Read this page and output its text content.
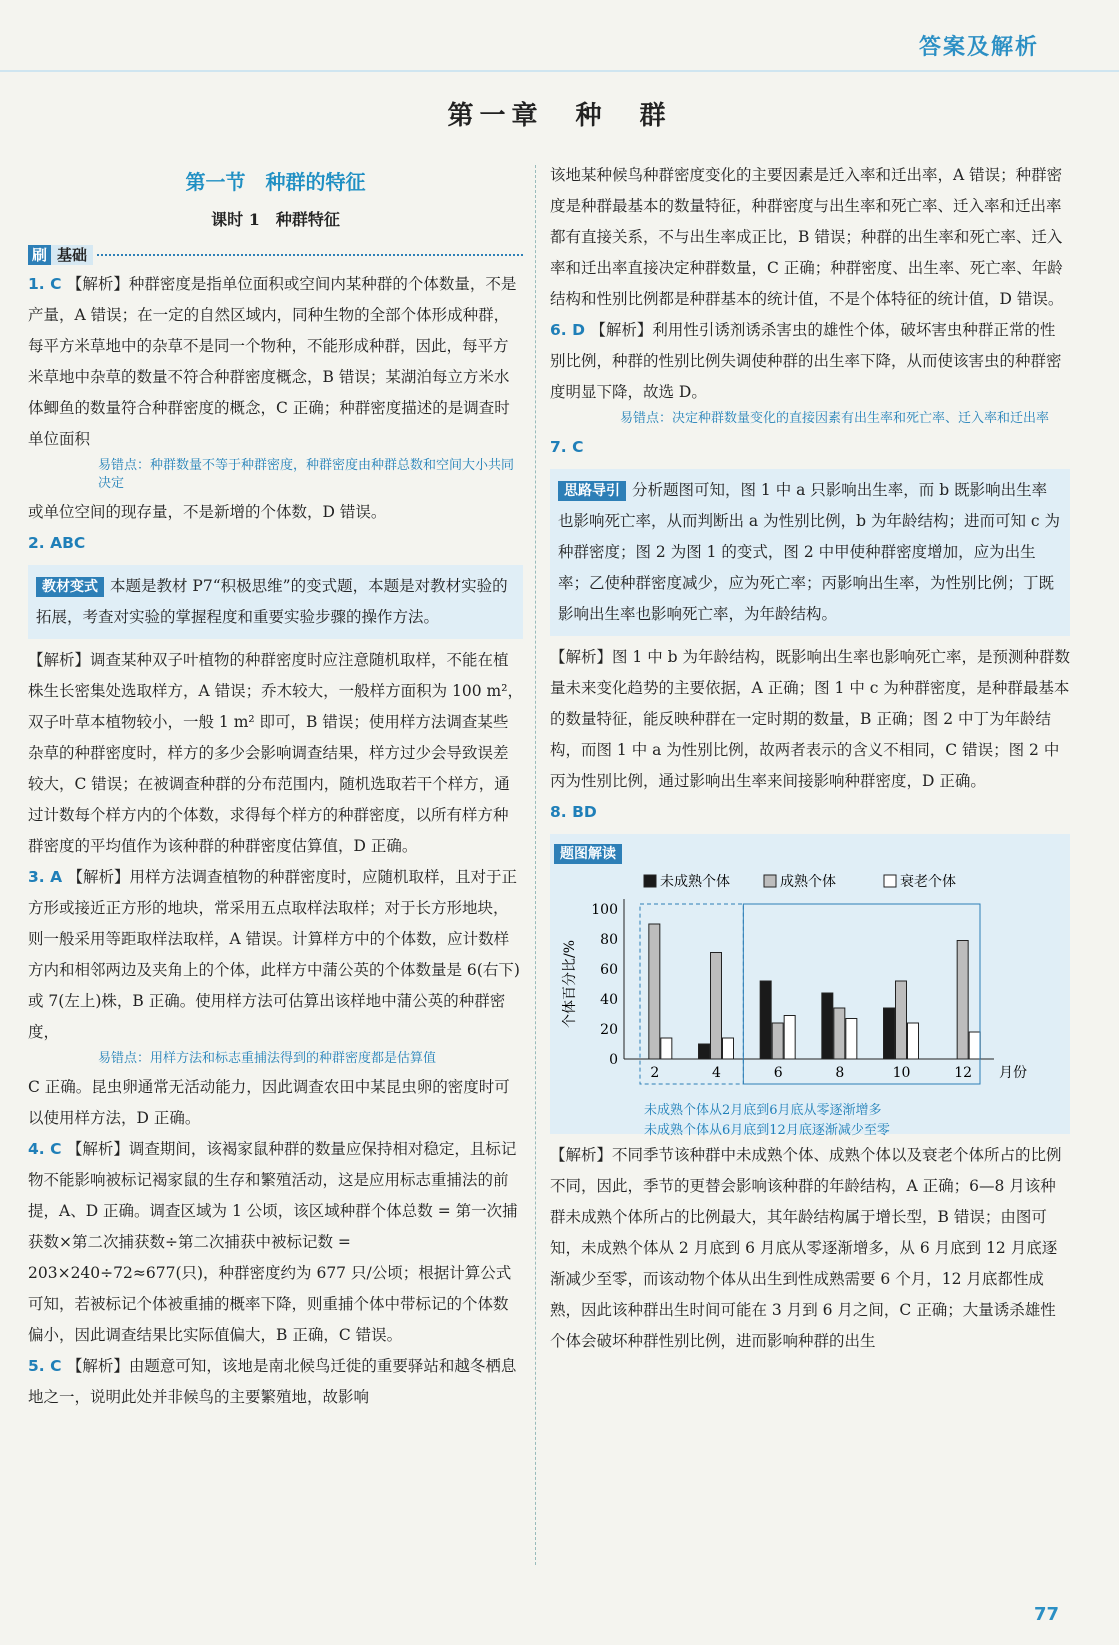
答案及解析
第一章　种　群
第一节　种群的特征
课时 1　种群特征
刷 基础
1. C 【解析】种群密度是指单位面积或空间内某种群的个体数量，不是产量，A 错误；在一定的自然区域内，同种生物的全部个体形成种群，每平方米草地中的杂草不是同一个物种，不能形成种群，因此，每平方米草地中杂草的数量不符合种群密度概念，B 错误；某湖泊每立方米水体鲫鱼的数量符合种群密度的概念，C 正确；种群密度描述的是调查时单位面积
易错点：种群数量不等于种群密度，种群密度由种群总数和空间大小共同决定
或单位空间的现存量，不是新增的个体数，D 错误。
2. ABC
教材变式 本题是教材 P7“积极思维”的变式题，本题是对教材实验的拓展，考查对实验的掌握程度和重要实验步骤的操作方法。
【解析】调查某种双子叶植物的种群密度时应注意随机取样，不能在植株生长密集处选取样方，A 错误；乔木较大，一般样方面积为 100 m²，双子叶草本植物较小，一般 1 m² 即可，B 错误；使用样方法调查某些杂草的种群密度时，样方的多少会影响调查结果，样方过少会导致误差较大，C 错误；在被调查种群的分布范围内，随机选取若干个样方，通过计数每个样方内的个体数，求得每个样方的种群密度，以所有样方种群密度的平均值作为该种群的种群密度估算值，D 正确。
3. A 【解析】用样方法调查植物的种群密度时，应随机取样，且对于正方形或接近正方形的地块，常采用五点取样法取样；对于长方形地块，则一般采用等距取样法取样，A 错误。计算样方中的个体数，应计数样方内和相邻两边及夹角上的个体，此样方中蒲公英的个体数量是 6(右下)或 7(左上)株，B 正确。使用样方法可估算出该样地中蒲公英的种群密度，
易错点：用样方法和标志重捕法得到的种群密度都是估算值
C 正确。昆虫卵通常无活动能力，因此调查农田中某昆虫卵的密度时可以使用样方法，D 正确。
4. C 【解析】调查期间，该褐家鼠种群的数量应保持相对稳定，且标记物不能影响被标记褐家鼠的生存和繁殖活动，这是应用标志重捕法的前提，A、D 正确。调查区域为 1 公顷，该区域种群个体总数 = 第一次捕获数×第二次捕获数÷第二次捕获中被标记数 = 203×240÷72≈677(只)，种群密度约为 677 只/公顷；根据计算公式可知，若被标记个体被重捕的概率下降，则重捕个体中带标记的个体数偏小，因此调查结果比实际值偏大，B 正确，C 错误。
5. C 【解析】由题意可知，该地是南北候鸟迁徙的重要驿站和越冬栖息地之一，说明此处并非候鸟的主要繁殖地，故影响
该地某种候鸟种群密度变化的主要因素是迁入率和迁出率，A 错误；种群密度是种群最基本的数量特征，种群密度与出生率和死亡率、迁入率和迁出率都有直接关系，不与出生率成正比，B 错误；种群的出生率和死亡率、迁入率和迁出率直接决定种群数量，C 正确；种群密度、出生率、死亡率、年龄结构和性别比例都是种群基本的统计值，不是个体特征的统计值，D 错误。
6. D 【解析】利用性引诱剂诱杀害虫的雄性个体，破坏害虫种群正常的性别比例，种群的性别比例失调使种群的出生率下降，从而使该害虫的种群密度明显下降，故选 D。
易错点：决定种群数量变化的直接因素有出生率和死亡率、迁入率和迁出率
7. C
思路导引 分析题图可知，图 1 中 a 只影响出生率，而 b 既影响出生率也影响死亡率，从而判断出 a 为性别比例，b 为年龄结构；进而可知 c 为种群密度；图 2 为图 1 的变式，图 2 中甲使种群密度增加，应为出生率；乙使种群密度减少，应为死亡率；丙影响出生率，为性别比例；丁既影响出生率也影响死亡率，为年龄结构。
【解析】图 1 中 b 为年龄结构，既影响出生率也影响死亡率，是预测种群数量未来变化趋势的主要依据，A 正确；图 1 中 c 为种群密度，是种群最基本的数量特征，能反映种群在一定时期的数量，B 正确；图 2 中丁为年龄结构，而图 1 中 a 为性别比例，故两者表示的含义不相同，C 错误；图 2 中丙为性别比例，通过影响出生率来间接影响种群密度，D 正确。
8. BD
题图解读
0
20
40
60
80
100
个体百分比/%
月份
2	4	6	8	10	12
未成熟个体	成熟个体	衰老个体
未成熟个体从2月底到6月底从零逐渐增多
未成熟个体从6月底到12月底逐渐减少至零
【解析】不同季节该种群中未成熟个体、成熟个体以及衰老个体所占的比例不同，因此，季节的更替会影响该种群的年龄结构，A 正确；6—8 月该种群未成熟个体所占的比例最大，其年龄结构属于增长型，B 错误；由图可知，未成熟个体从 2 月底到 6 月底从零逐渐增多，从 6 月底到 12 月底逐渐减少至零，而该动物个体从出生到性成熟需要 6 个月，12 月底都性成熟，因此该种群出生时间可能在 3 月到 6 月之间，C 正确；大量诱杀雄性个体会破坏种群性别比例，进而影响种群的出生
77
